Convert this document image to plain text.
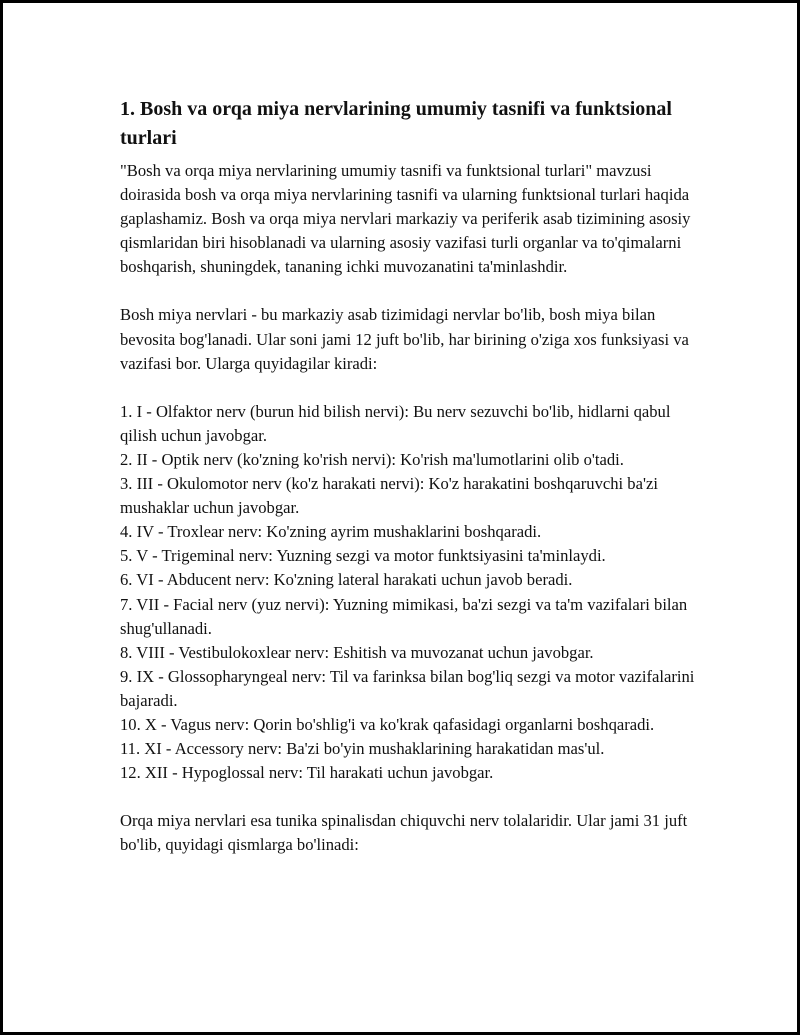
1. Bosh va orqa miya nervlarining umumiy tasnifi va funktsional turlari

"Bosh va orqa miya nervlarining umumiy tasnifi va funktsional turlari" mavzusi doirasida bosh va orqa miya nervlarining tasnifi va ularning funktsional turlari haqida gaplashamiz. Bosh va orqa miya nervlari markaziy va periferik asab tizimining asosiy qismlaridan biri hisoblanadi va ularning asosiy vazifasi turli organlar va to'qimalarni boshqarish, shuningdek, tananing ichki muvozanatini ta'minlashdir.

Bosh miya nervlari - bu markaziy asab tizimidagi nervlar bo'lib, bosh miya bilan bevosita bog'lanadi. Ular soni jami 12 juft bo'lib, har birining o'ziga xos funksiyasi va vazifasi bor. Ularga quyidagilar kiradi:

1. I - Olfaktor nerv (burun hid bilish nervi): Bu nerv sezuvchi bo'lib, hidlarni qabul qilish uchun javobgar.
2. II - Optik nerv (ko'zning ko'rish nervi): Ko'rish ma'lumotlarini olib o'tadi.
3. III - Okulomotor nerv (ko'z harakati nervi): Ko'z harakatini boshqaruvchi ba'zi mushaklar uchun javobgar.
4. IV - Troxlear nerv: Ko'zning ayrim mushaklarini boshqaradi.
5. V - Trigeminal nerv: Yuzning sezgi va motor funktsiyasini ta'minlaydi.
6. VI - Abducent nerv: Ko'zning lateral harakati uchun javob beradi.
7. VII - Facial nerv (yuz nervi): Yuzning mimikasi, ba'zi sezgi va ta'm vazifalari bilan shug'ullanadi.
8. VIII - Vestibulokoxlear nerv: Eshitish va muvozanat uchun javobgar.
9. IX - Glossopharyngeal nerv: Til va farinksa bilan bog'liq sezgi va motor vazifalarini bajaradi.
10. X - Vagus nerv: Qorin bo'shlig'i va ko'krak qafasidagi organlarni boshqaradi.
11. XI - Accessory nerv: Ba'zi bo'yin mushaklarining harakatidan mas'ul.
12. XII - Hypoglossal nerv: Til harakati uchun javobgar.

Orqa miya nervlari esa tunika spinalisdan chiquvchi nerv tolalaridir. Ular jami 31 juft bo'lib, quyidagi qismlarga bo'linadi:
